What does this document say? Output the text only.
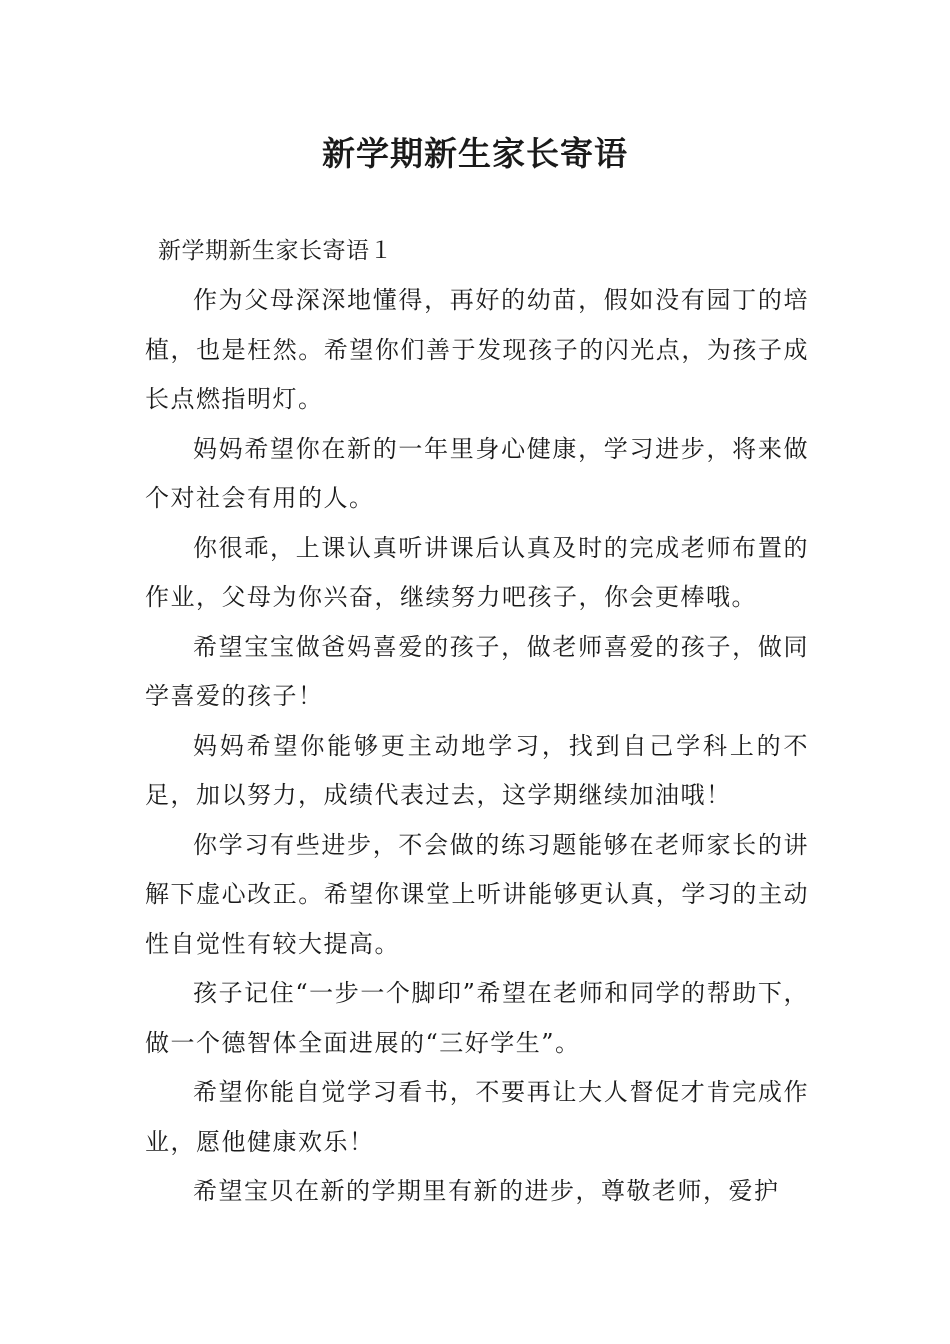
新学期新生家长寄语
新学期新生家长寄语１

作为父母深深地懂得，再好的幼苗，假如没有园丁的培植，也是枉然。希望你们善于发现孩子的闪光点，为孩子成长点燃指明灯。

妈妈希望你在新的一年里身心健康，学习进步，将来做个对社会有用的人。

你很乖，上课认真听讲课后认真及时的完成老师布置的作业，父母为你兴奋，继续努力吧孩子，你会更棒哦。

希望宝宝做爸妈喜爱的孩子，做老师喜爱的孩子，做同学喜爱的孩子！

妈妈希望你能够更主动地学习，找到自己学科上的不足，加以努力，成绩代表过去，这学期继续加油哦！

你学习有些进步，不会做的练习题能够在老师家长的讲解下虚心改正。希望你课堂上听讲能够更认真，学习的主动性自觉性有较大提高。

孩子记住“一步一个脚印”希望在老师和同学的帮助下，做一个德智体全面进展的“三好学生”。

希望你能自觉学习看书，不要再让大人督促才肯完成作业，愿他健康欢乐！

希望宝贝在新的学期里有新的进步，尊敬老师，爱护
